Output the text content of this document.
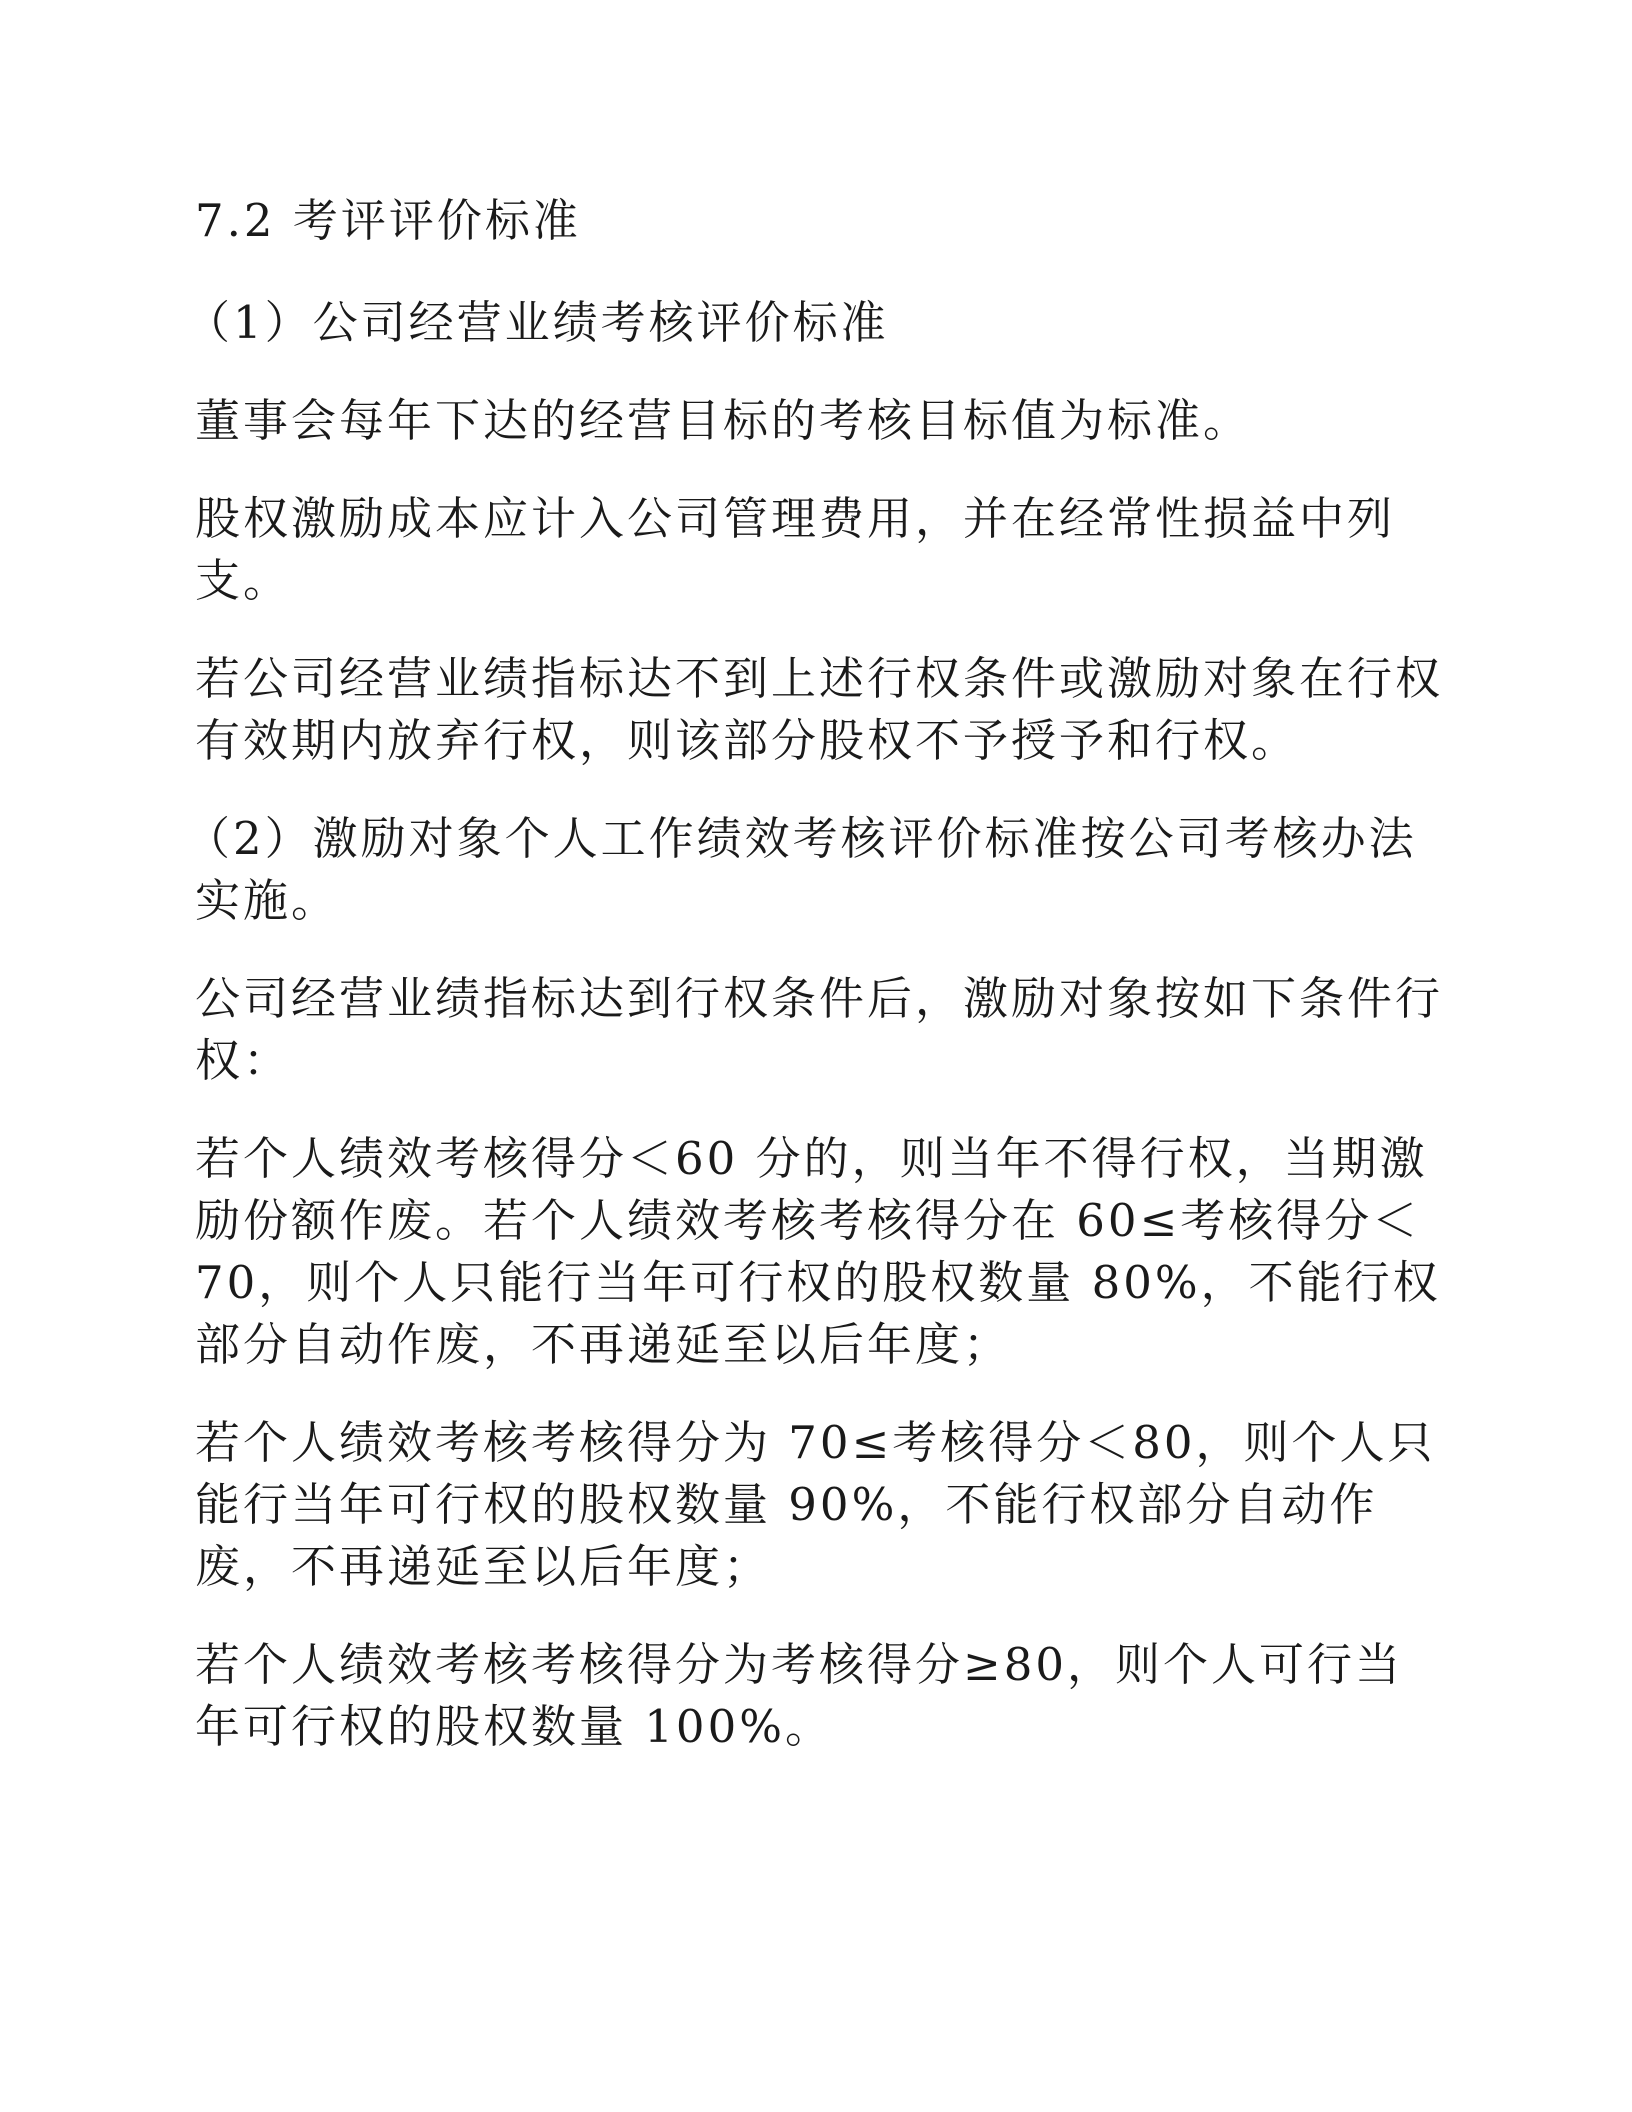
7.2 考评评价标准

（1）公司经营业绩考核评价标准

董事会每年下达的经营目标的考核目标值为标准。

股权激励成本应计入公司管理费用，并在经常性损益中列支。

若公司经营业绩指标达不到上述行权条件或激励对象在行权有效期内放弃行权，则该部分股权不予授予和行权。

（2）激励对象个人工作绩效考核评价标准按公司考核办法实施。

公司经营业绩指标达到行权条件后，激励对象按如下条件行权：

若个人绩效考核得分＜60 分的，则当年不得行权，当期激励份额作废。若个人绩效考核考核得分在 60≤考核得分＜70，则个人只能行当年可行权的股权数量 80%，不能行权部分自动作废，不再递延至以后年度；

若个人绩效考核考核得分为 70≤考核得分＜80，则个人只能行当年可行权的股权数量 90%，不能行权部分自动作废，不再递延至以后年度；

若个人绩效考核考核得分为考核得分≥80，则个人可行当年可行权的股权数量 100%。
